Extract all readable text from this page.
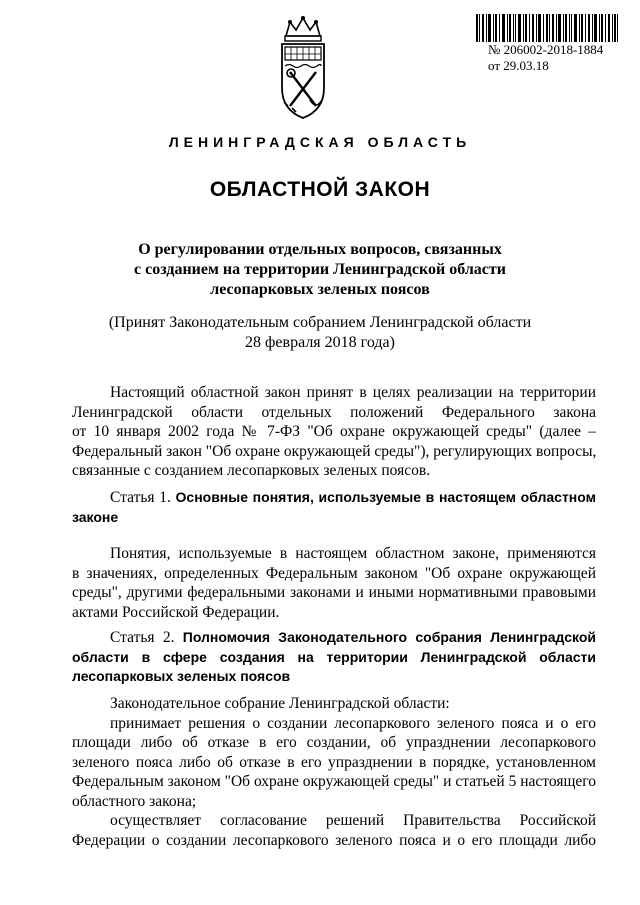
№ 206002-2018-1884
от 29.03.18
ЛЕНИНГРАДСКАЯ ОБЛАСТЬ
ОБЛАСТНОЙ ЗАКОН
О регулировании отдельных вопросов, связанных
с созданием на территории Ленинградской области
лесопарковых зеленых поясов
(Принят Законодательным собранием Ленинградской области
28 февраля 2018 года)
Настоящий областной закон принят в целях реализации на территории
Ленинградской области отдельных положений Федерального закона
от 10 января 2002 года № 7-ФЗ "Об охране окружающей среды" (далее –
Федеральный закон "Об охране окружающей среды"), регулирующих вопросы,
связанные с созданием лесопарковых зеленых поясов.
Статья 1. Основные понятия, используемые в настоящем областном
законе
Понятия, используемые в настоящем областном законе, применяются
в значениях, определенных Федеральным законом "Об охране окружающей
среды", другими федеральными законами и иными нормативными правовыми
актами Российской Федерации.
Статья 2. Полномочия Законодательного собрания Ленинградской
области в сфере создания на территории Ленинградской области
лесопарковых зеленых поясов
Законодательное собрание Ленинградской области:
принимает решения о создании лесопаркового зеленого пояса и о его
площади либо об отказе в его создании, об упразднении лесопаркового
зеленого пояса либо об отказе в его упразднении в порядке, установленном
Федеральным законом "Об охране окружающей среды" и статьей 5 настоящего
областного закона;
осуществляет согласование решений Правительства Российской
Федерации о создании лесопаркового зеленого пояса и о его площади либо
